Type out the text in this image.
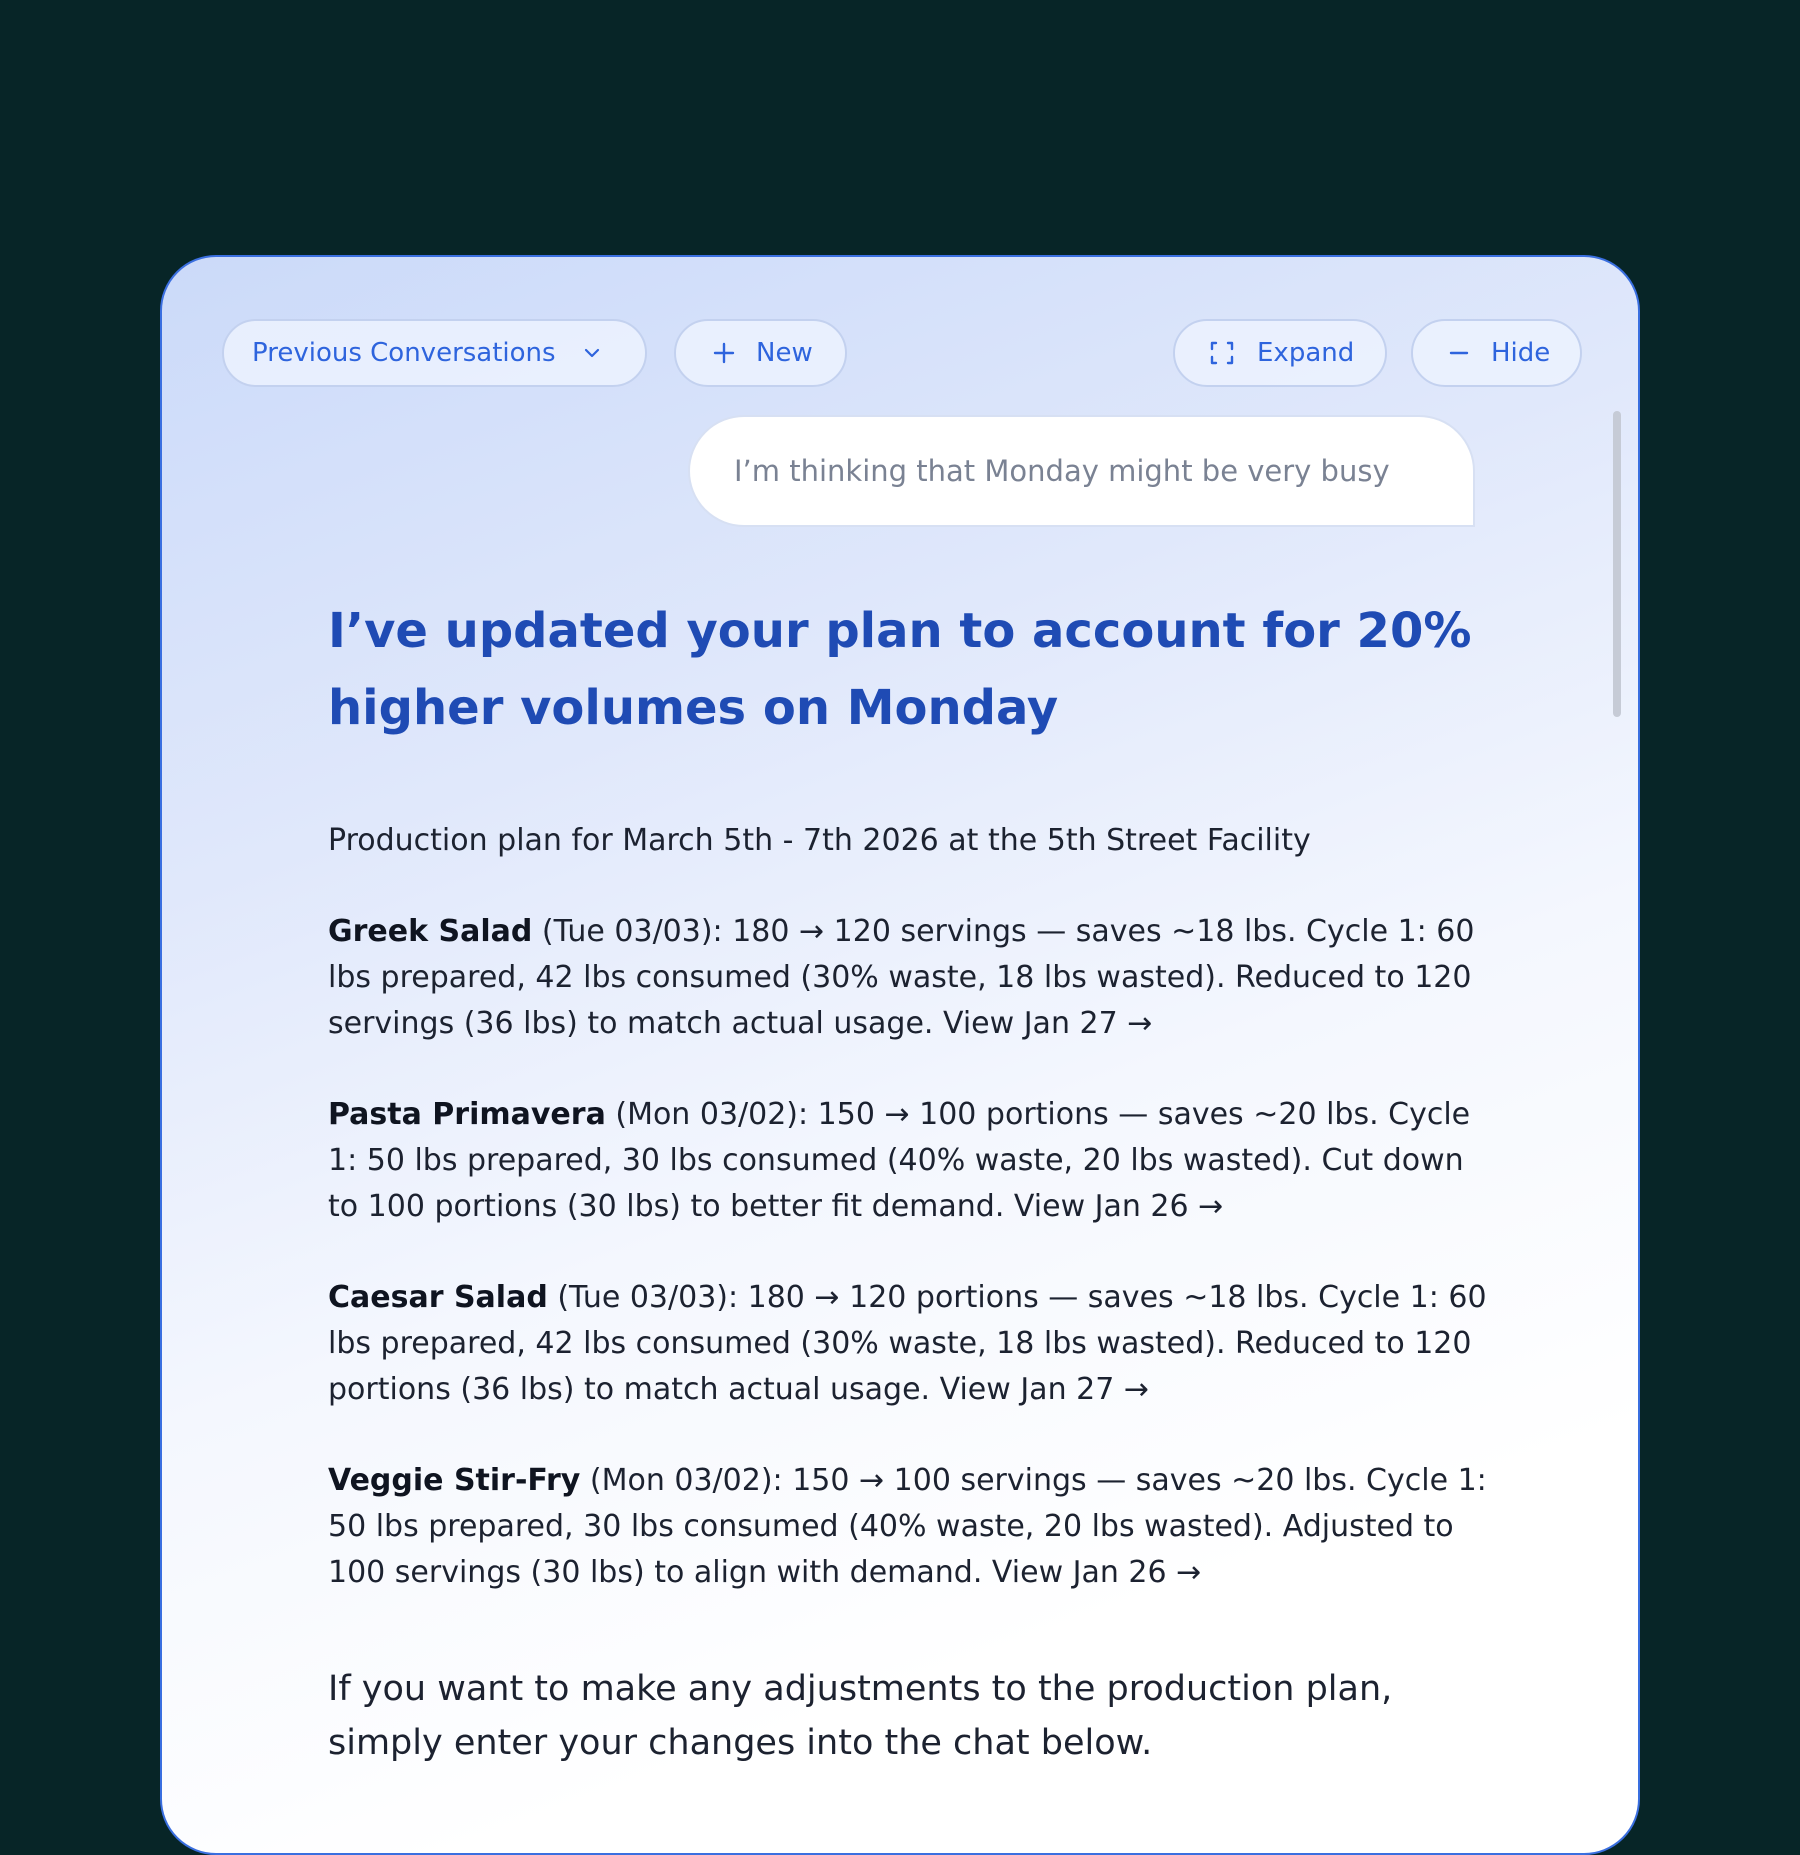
Previous Conversations	New	Expand	Hide
I’m thinking that Monday might be very busy
I’ve updated your plan to account for 20% higher volumes on Monday

Production plan for March 5th - 7th 2026 at the 5th Street Facility

Greek Salad (Tue 03/03): 180 → 120 servings — saves ~18 lbs. Cycle 1: 60 lbs prepared, 42 lbs consumed (30% waste, 18 lbs wasted). Reduced to 120 servings (36 lbs) to match actual usage. View Jan 27 →

Pasta Primavera (Mon 03/02): 150 → 100 portions — saves ~20 lbs. Cycle 1: 50 lbs prepared, 30 lbs consumed (40% waste, 20 lbs wasted). Cut down to 100 portions (30 lbs) to better fit demand. View Jan 26 →

Caesar Salad (Tue 03/03): 180 → 120 portions — saves ~18 lbs. Cycle 1: 60 lbs prepared, 42 lbs consumed (30% waste, 18 lbs wasted). Reduced to 120 portions (36 lbs) to match actual usage. View Jan 27 →

Veggie Stir-Fry (Mon 03/02): 150 → 100 servings — saves ~20 lbs. Cycle 1: 50 lbs prepared, 30 lbs consumed (40% waste, 20 lbs wasted). Adjusted to 100 servings (30 lbs) to align with demand. View Jan 26 →

If you want to make any adjustments to the production plan, simply enter your changes into the chat below.
